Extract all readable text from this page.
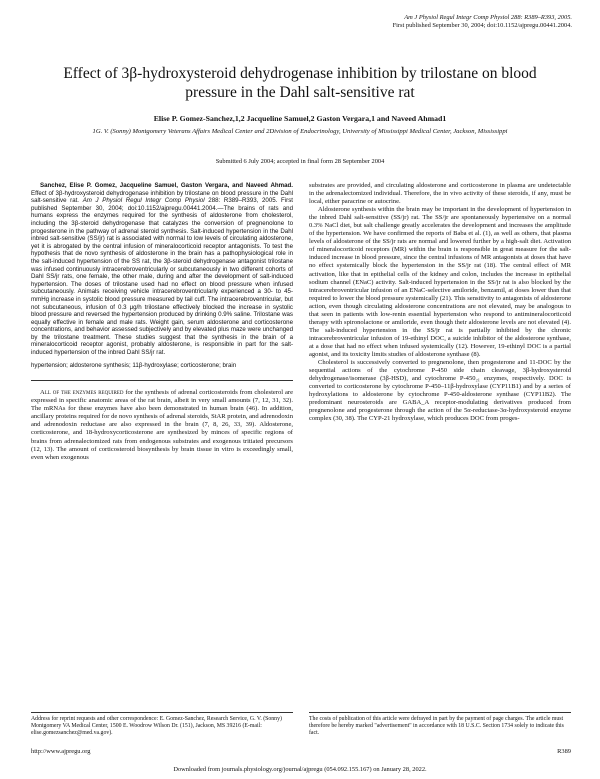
Am J Physiol Regul Integr Comp Physiol 288: R389–R393, 2005.
First published September 30, 2004; doi:10.1152/ajpregu.00441.2004.
Effect of 3β-hydroxysteroid dehydrogenase inhibition by trilostane on blood pressure in the Dahl salt-sensitive rat
Elise P. Gomez-Sanchez,1,2 Jacqueline Samuel,2 Gaston Vergara,1 and Naveed Ahmad1
1G. V. (Sonny) Montgomery Veterans Affairs Medical Center and 2Division of Endocrinology, University of Mississippi Medical Center, Jackson, Mississippi
Submitted 6 July 2004; accepted in final form 28 September 2004

Sanchez, Elise P. Gomez, Jacqueline Samuel, Gaston Vergara, and Naveed Ahmad. Effect of 3β-hydroxysteroid dehydrogenase inhibition by trilostane on blood pressure in the Dahl salt-sensitive rat. Am J Physiol Regul Integr Comp Physiol 288: R389–R393, 2005. First published September 30, 2004; doi:10.1152/ajpregu.00441.2004.—The brains of rats and humans express the enzymes required for the synthesis of aldosterone from cholesterol, including the 3β-steroid dehydrogenase that catalyzes the conversion of pregnenolone to progesterone in the pathway of adrenal steroid synthesis. Salt-induced hypertension in the Dahl inbred salt-sensitive (SS/jr) rat is associated with normal to low levels of circulating aldosterone, yet it is abrogated by the central infusion of mineralocorticoid receptor antagonists. To test the hypothesis that de novo synthesis of aldosterone in the brain has a pathophysiological role in the salt-induced hypertension of the SS rat, the 3β-steroid dehydrogenase antagonist trilostane was infused continuously intracerebroventricularly or subcutaneously in two different cohorts of Dahl SS/jr rats, one female, the other male, during and after the development of salt-induced hypertension. The doses of trilostane used had no effect on blood pressure when infused subcutaneously. Animals receiving vehicle intracerebroventricularly experienced a 30- to 45-mmHg increase in systolic blood pressure measured by tail cuff. The intracerebroventricular, but not subcutaneous, infusion of 0.3 μg/h trilostane effectively blocked the increase in systolic blood pressure and reversed the hypertension produced by drinking 0.9% saline. Trilostane was equally effective in female and male rats. Weight gain, serum aldosterone and corticosterone concentrations, and behavior assessed subjectively and by elevated plus maze were unchanged by the trilostane treatment. These studies suggest that the synthesis in the brain of a mineralocorticoid receptor agonist, probably aldosterone, is responsible in part for the salt-induced hypertension of the inbred Dahl SS/jr rat.

hypertension; aldosterone synthesis; 11β-hydroxylase; corticosterone; brain

All of the enzymes required for the synthesis of adrenal corticosteroids from cholesterol are expressed in specific anatomic areas of the rat brain, albeit in very small amounts (7, 12, 31, 32). The mRNAs for these enzymes have also been demonstrated in human brain (46). In addition, ancillary proteins required for de novo synthesis of adrenal steroids, StAR protein, and adrenodoxin and adrenodoxin reductase are also expressed in the brain (7, 8, 26, 33, 39). Aldosterone, corticosterone, and 18-hydroxycorticosterone are synthesized by minces of specific regions of brains from adrenalectomized rats from endogenous substrates and exogenous tritiated precursors (12, 13). The amount of corticosteroid biosynthesis by brain tissue in vitro is exceedingly small, even when exogenous

substrates are provided, and circulating aldosterone and corticosterone in plasma are undetectable in the adrenalectomized individual. Therefore, the in vivo activity of these steroids, if any, must be local, either paracrine or autocrine.

Aldosterone synthesis within the brain may be important in the development of hypertension in the inbred Dahl salt-sensitive (SS/jr) rat. The SS/jr are spontaneously hypertensive on a normal 0.3% NaCl diet, but salt challenge greatly accelerates the development and increases the amplitude of the hypertension. We have confirmed the reports of Baba et al. (1), as well as others, that plasma levels of aldosterone of the SS/jr rats are normal and lowered further by a high-salt diet. Activation of mineralocorticoid receptors (MR) within the brain is responsible in great measure for the salt-induced increase in blood pressure, since the central infusions of MR antagonists at doses that have no effect systemically block the hypertension in the SS/jr rat (18). The central effect of MR activation, like that in epithelial cells of the kidney and colon, includes the increase in epithelial sodium channel (ENaC) activity. Salt-induced hypertension in the SS/jr rat is also blocked by the intracerebroventricular infusion of an ENaC-selective amiloride, benzamil, at doses lower than that required to lower the blood pressure systemically (21). This sensitivity to antagonists of aldosterone action, even though circulating aldosterone concentrations are not elevated, may be analogous to that seen in patients with low-renin essential hypertension who respond to antimineralocorticoid therapy with spironolactone or amiloride, even though their aldosterone levels are not elevated (4). The salt-induced hypertension in the SS/jr rat is partially inhibited by the chronic intracerebroventricular infusion of 19-ethinyl DOC, a suicide inhibitor of the aldosterone synthase, at a dose that had no effect when infused systemically (12). However, 19-ethinyl DOC is a partial agonist, and its toxicity limits studies of aldosterone synthase (8).

Cholesterol is successively converted to pregnenolone, then progesterone and 11-DOC by the sequential actions of the cytochrome P-450 side chain cleavage, 3β-hydroxysteroid dehydrogenase/isomerase (3β-HSD), and cytochrome P-450₂₁ enzymes, respectively. DOC is converted to corticosterone by cytochrome P-450–11β-hydroxylase (CYP11B1) and by a series of hydroxylations to aldosterone by cytochrome P-450-aldosterone synthase (CYP11B2). The predominant neurosteroids are GABA_A receptor-modulating derivatives produced from pregnenolone and progesterone through the action of the 5α-reductase-3α-hydroxysteroid enzyme complex (30, 38). The CYP-21 hydroxylase, which produces DOC from proges-

Address for reprint requests and other correspondence: E. Gomez-Sanchez, Research Service, G. V. (Sonny) Montgomery VA Medical Center, 1500 E. Woodrow Wilson Dr. (151), Jackson, MS 39216 (E-mail: elise.gomezsanchez@med.va.gov).
The costs of publication of this article were defrayed in part by the payment of page charges. The article must therefore be hereby marked "advertisement" in accordance with 18 U.S.C. Section 1734 solely to indicate this fact.
http://www.ajpregu.org	R389
Downloaded from journals.physiology.org/journal/ajpregu (054.092.155.167) on January 28, 2022.
